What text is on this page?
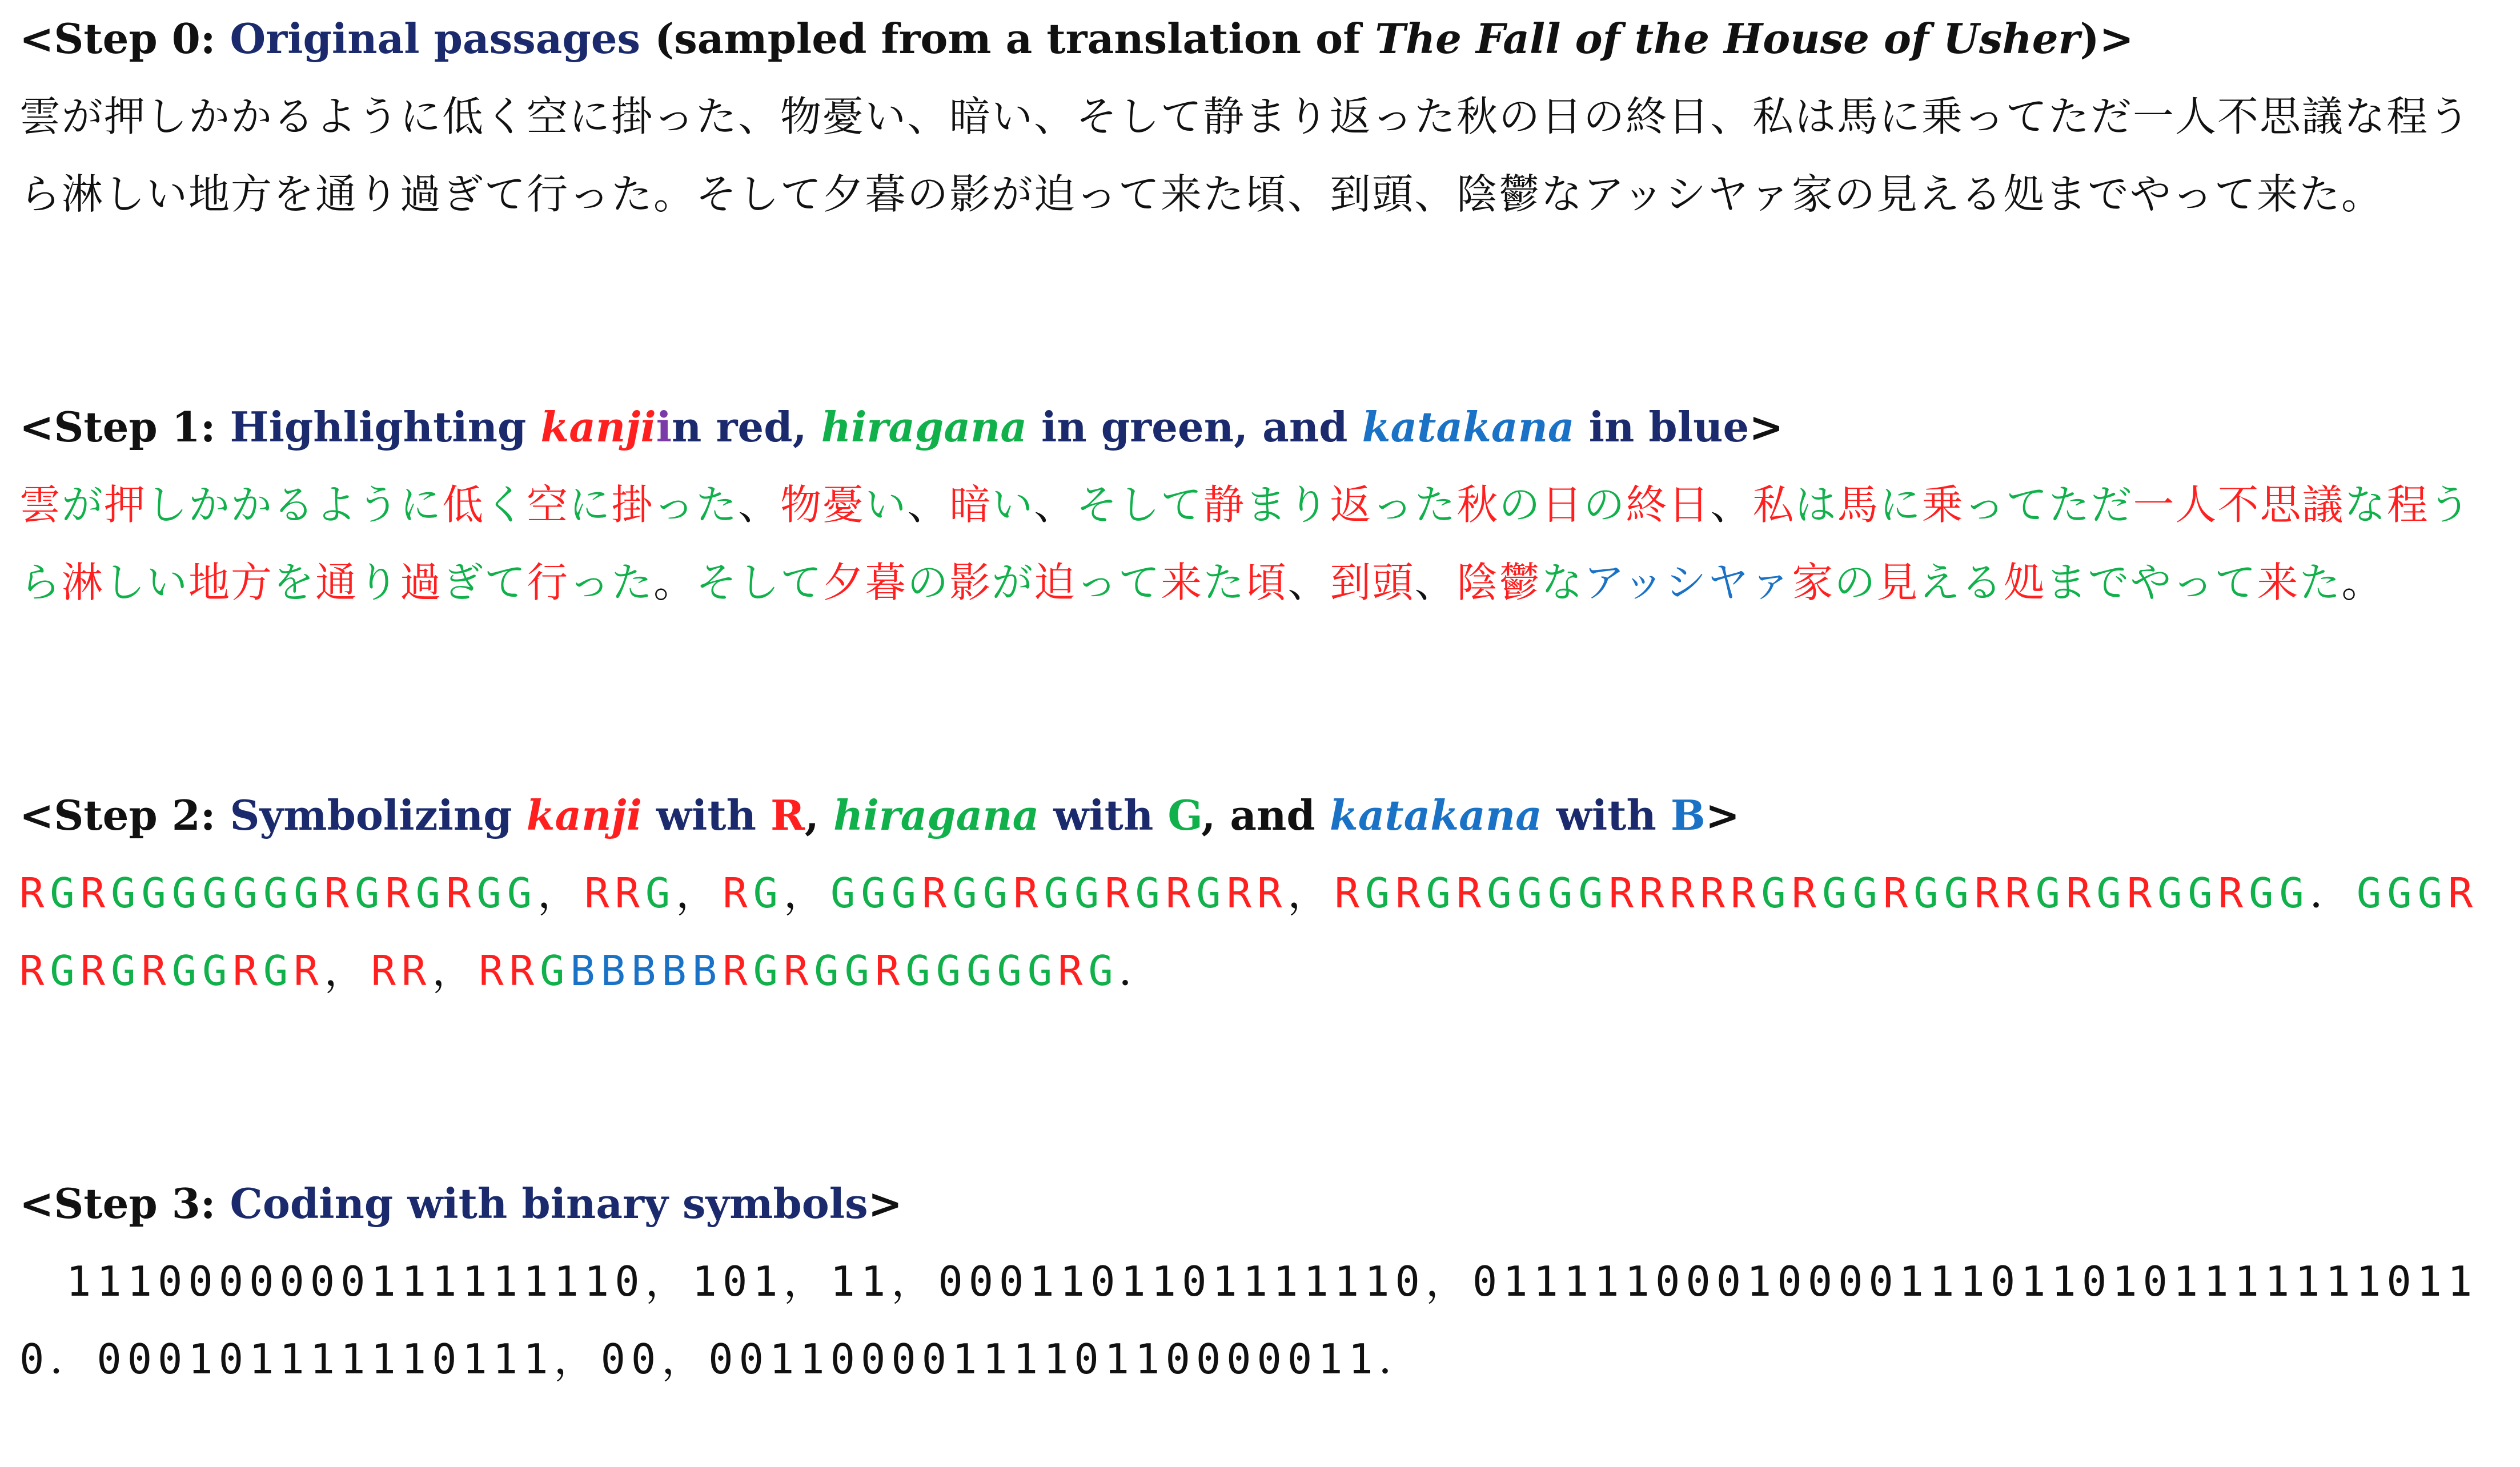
<Step 0: Original passages (sampled from a translation of The Fall of the House of Usher)>
雲が押しかかるように低く空に掛った、物憂い、暗い、そして静まり返った秋の日の終日、私は馬に乗ってただ一人不思議な程うら淋しい地方を通り過ぎて行った。そして夕暮の影が迫って来た頃、到頭、陰鬱なアッシヤァ家の見える処までやって来た。
<Step 1: Highlighting kanjiin red, hiragana in green, and katakana in blue>
雲が押しかかるように低く空に掛った、物憂い、暗い、そして静まり返った秋の日の終日、私は馬に乗ってただ一人不思議な程うら淋しい地方を通り過ぎて行った。そして夕暮の影が迫って来た頃、到頭、陰鬱なアッシヤァ家の見える処までやって来た。
<Step 2: Symbolizing kanji with R, hiragana with G, and katakana with B>
RGRGGGGGGGRGRGRGG，RRG，RG，GGGRGGRGGRGRGRR，RGRGRGGGGRRRRRGRGGRGGRRGRGRGGRGG．GGGRRGRGRGGRGR，RR，RRGBBBBBRGRGGRGGGGGRG．
<Step 3: Coding with binary symbols>
　1110000000111111110，101，11，0001101101111110，0111110001000011101101011111110110．000101111110111，00，0011000011110110000011．
